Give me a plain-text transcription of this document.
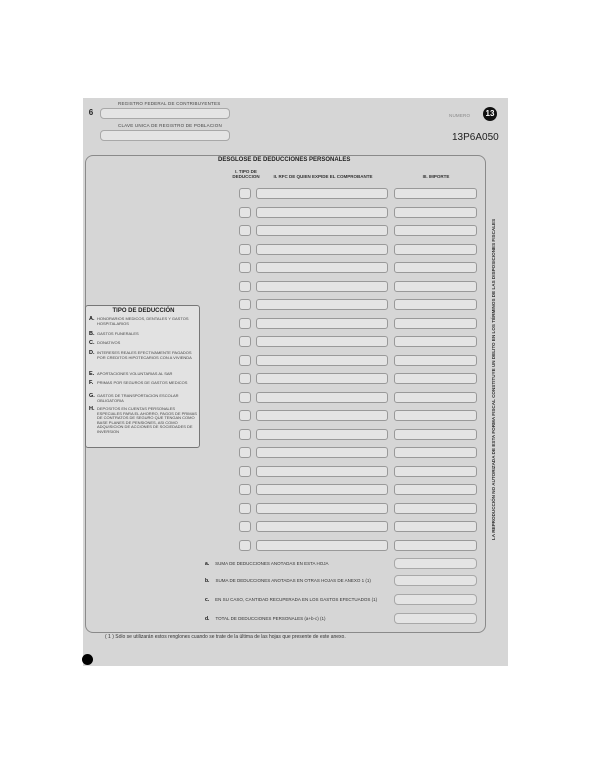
6
REGISTRO FEDERAL DE CONTRIBUYENTES
CLAVE UNICA DE REGISTRO DE POBLACION
NUMERO	13
13P6A050
DESGLOSE DE DEDUCCIONES PERSONALES
I. TIPO DE DEDUCCION	II. RFC DE QUIEN EXPIDE EL COMPROBANTE	III. IMPORTE
TIPO DE DEDUCCIÓN
A. HONORARIOS MEDICOS, DENTALES Y GASTOS HOSPITALARIOS
B. GASTOS FUNERALES
C. DONATIVOS
D. INTERESES REALES EFECTIVAMENTE PAGADOS POR CREDITOS HIPOTECARIOS CON A VIVIENDA
E. APORTACIONES VOLUNTARIAS AL SAR
F. PRIMAS POR SEGUROS DE GASTOS MEDICOS
G. GASTOS DE TRANSPORTACION ESCOLAR OBLIGATORIA
H. DEPOSITOS EN CUENTAS PERSONALES ESPECIALES PARA EL AHORRO, PAGOS DE PRIMAS DE CONTRATOS DE SEGURO QUE TENGAN COMO BASE PLANES DE PENSIONES, ASI COMO ADQUISICION DE ACCIONES DE SOCIEDADES DE INVERSION
a. SUMA DE DEDUCCIONES ANOTADAS EN ESTA HOJA
b. SUMA DE DEDUCCIONES ANOTADAS EN OTRAS HOJAS DE ANEXO 1 (1)
c. EN SU CASO, CANTIDAD RECUPERADA EN LOS GASTOS EFECTUADOS (1)
d. TOTAL DE DEDUCCIONES PERSONALES (a+b-c) (1)
LA REPRODUCCIÓN NO AUTORIZADA DE ESTA FORMA FISCAL CONSTITUYE UN DELITO EN LOS TÉRMINOS DE LAS DISPOSICIONES FISCALES
( 1 ) Sólo se utilizarán estos renglones cuando se trate de la última de las hojas que presente de este anexo.
